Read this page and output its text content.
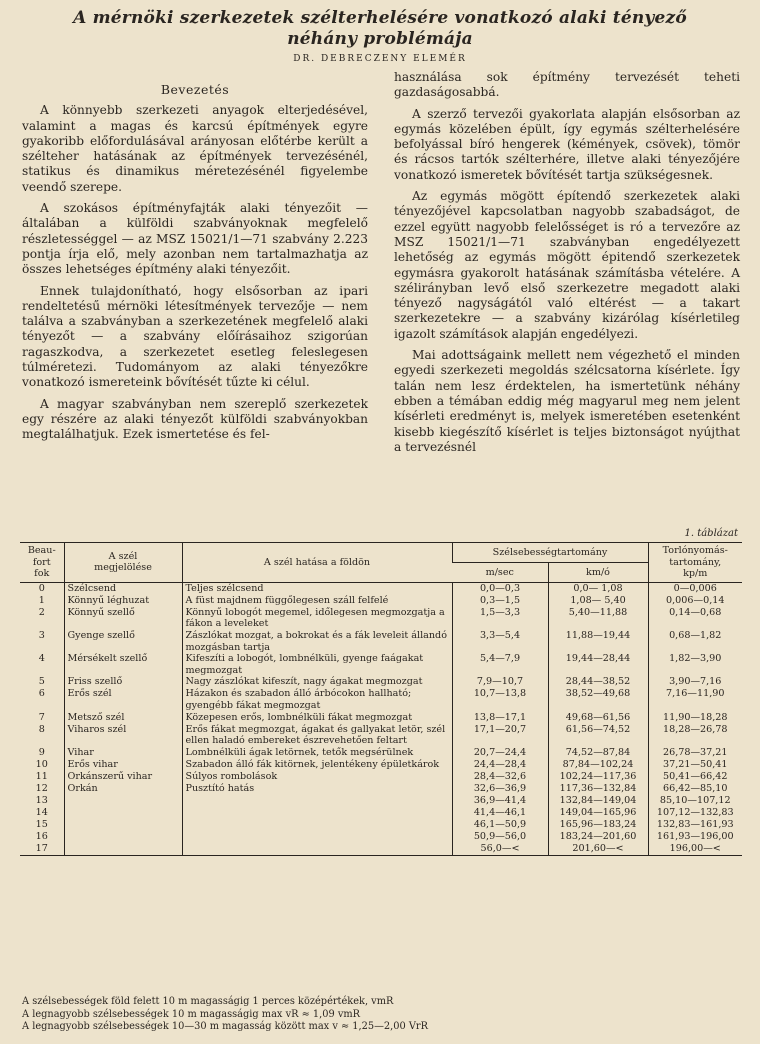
A mérnöki szerkezetek szélterhelésére vonatkozó alaki tényező
néhány problémája
DR. DEBRECZENY ELEMÉR
Bevezetés

A könnyebb szerkezeti anyagok elterjedésével, valamint a magas és karcsú építmények egyre gyakoribb előfordulásával arányosan előtérbe került a szélteher hatásának az építmények tervezésénél, statikus és dinamikus méretezésénél figyelembe veendő szerepe.

A szokásos építményfajták alaki tényezőit — általában a külföldi szabványoknak megfelelő részletességgel — az MSZ 15021/1—71 szabvány 2.223 pontja írja elő, mely azonban nem tartalmazhatja az összes lehetséges építmény alaki tényezőit.

Ennek tulajdonítható, hogy elsősorban az ipari rendeltetésű mérnöki létesítmények tervezője — nem találva a szabványban a szerkezetének megfelelő alaki tényezőt — a szabvány előírásaihoz szigorúan ragaszkodva, a szerkezetet esetleg feleslegesen túlméretezi. Tudományom az alaki tényezőkre vonatkozó ismereteink bővítését tűzte ki célul.

A magyar szabványban nem szereplő szerkezetek egy részére az alaki tényezőt külföldi szabványokban megtalálhatjuk. Ezek ismertetése és fel-

használása sok építmény tervezését teheti gazdaságosabbá.

A szerző tervezői gyakorlata alapján elsősorban az egymás közelében épült, így egymás szélterhelésére befolyással bíró hengerek (kémények, csövek), tömör és rácsos tartók szélterhére, illetve alaki tényezőjére vonatkozó ismeretek bővítését tartja szükségesnek.

Az egymás mögött építendő szerkezetek alaki tényezőjével kapcsolatban nagyobb szabadságot, de ezzel együtt nagyobb felelősséget is ró a tervezőre az MSZ 15021/1—71 szabványban engedélyezett lehetőség az egymás mögött épitendő szerkezetek egymásra gyakorolt hatásának számításba vételére. A szélirányban levő első szerkezetre megadott alaki tényező nagyságától való eltérést — a takart szerkezetekre — a szabvány kizárólag kísérletileg igazolt számítások alapján engedélyezi.

Mai adottságaink mellett nem végezhető el minden egyedi szerkezeti megoldás szélcsatorna kísérlete. Így talán nem lesz érdektelen, ha ismertetünk néhány ebben a témában eddig még magyarul meg nem jelent kísérleti eredményt is, melyek ismeretében esetenként kisebb kiegészítő kísérlet is teljes biztonságot nyújthat a tervezésnél

1. táblázat
Beau-
fort
fok	A szél
megjelölése	A szél hatása a földön	Szélsebességtartomány		Torlónyomás-
tartomány,
kp/m
			m/sec	km/ó	
0	Szélcsend	Teljes szélcsend	0,0—0,3	0,0— 1,08	0—0,006
1	Könnyű léghuzat	A füst majdnem függőlegesen száll felfelé	0,3—1,5	1,08— 5,40	0,006—0,14
2	Könnyű szellő	Könnyű lobogót megemel, időlegesen megmozgatja a fákon a leveleket	1,5—3,3	5,40—11,88	0,14—0,68
3	Gyenge szellő	Zászlókat mozgat, a bokrokat és a fák leveleit állandó mozgásban tartja	3,3—5,4	11,88—19,44	0,68—1,82
4	Mérsékelt szellő	Kifeszíti a lobogót, lombnélküli, gyenge faágakat megmozgat	5,4—7,9	19,44—28,44	1,82—3,90
5	Friss szellő	Nagy zászlókat kifeszít, nagy ágakat megmozgat	7,9—10,7	28,44—38,52	3,90—7,16
6	Erős szél	Házakon és szabadon álló árbócokon hallható; gyengébb fákat megmozgat	10,7—13,8	38,52—49,68	7,16—11,90
7	Metsző szél	Közepesen erős, lombnélküli fákat megmozgat	13,8—17,1	49,68—61,56	11,90—18,28
8	Viharos szél	Erős fákat megmozgat, ágakat és gallyakat letör, szél ellen haladó embereket észrevehetően feltart	17,1—20,7	61,56—74,52	18,28—26,78
9	Vihar	Lombnélküli ágak letörnek, tetők megsérülnek	20,7—24,4	74,52—87,84	26,78—37,21
10	Erős vihar	Szabadon álló fák kitörnek, jelentékeny épületkárok	24,4—28,4	87,84—102,24	37,21—50,41
11	Orkánszerű vihar	Súlyos rombolások	28,4—32,6	102,24—117,36	50,41—66,42
12	Orkán	Pusztító hatás	32,6—36,9	117,36—132,84	66,42—85,10
13			36,9—41,4	132,84—149,04	85,10—107,12
14			41,4—46,1	149,04—165,96	107,12—132,83
15			46,1—50,9	165,96—183,24	132,83—161,93
16			50,9—56,0	183,24—201,60	161,93—196,00
17			56,0—<	201,60—<	196,00—<
A szélsebességek föld felett 10 m magasságig 1 perces középértékek, vmR
A legnagyobb szélsebességek 10 m magasságig max vR ≈ 1,09 vmR
A legnagyobb szélsebességek 10—30 m magasság között max v ≈ 1,25—2,00 VrR
